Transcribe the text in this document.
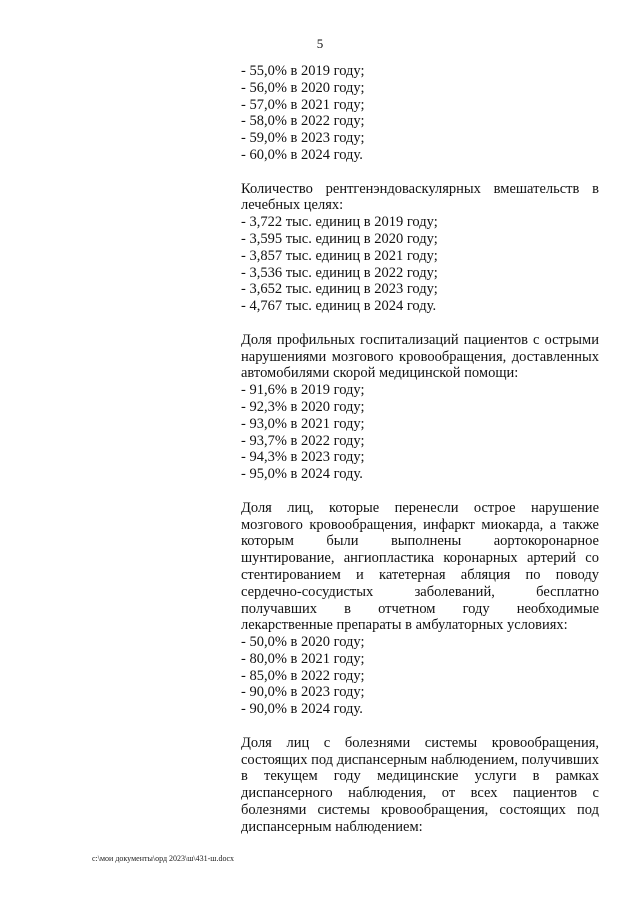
5
- 55,0% в 2019 году;
- 56,0% в 2020 году;
- 57,0% в 2021 году;
- 58,0% в 2022 году;
- 59,0% в 2023 году;
- 60,0% в 2024 году.
Количество рентгенэндоваскулярных вмешательств в лечебных целях:
- 3,722 тыс. единиц в 2019 году;
- 3,595 тыс. единиц в 2020 году;
- 3,857 тыс. единиц в 2021 году;
- 3,536 тыс. единиц в 2022 году;
- 3,652 тыс. единиц в 2023 году;
- 4,767 тыс. единиц в 2024 году.
Доля профильных госпитализаций пациентов с острыми нарушениями мозгового кровообращения, доставленных автомобилями скорой медицинской помощи:
- 91,6% в 2019 году;
- 92,3% в 2020 году;
- 93,0% в 2021 году;
- 93,7% в 2022 году;
- 94,3% в 2023 году;
- 95,0% в 2024 году.
Доля лиц, которые перенесли острое нарушение мозгового кровообращения, инфаркт миокарда, а также которым были выполнены аортокоронарное шунтирование, ангиопластика коронарных артерий со стентированием и катетерная абляция по поводу сердечно-сосудистых заболеваний, бесплатно получавших в отчетном году необходимые лекарственные препараты в амбулаторных условиях:
- 50,0% в 2020 году;
- 80,0% в 2021 году;
- 85,0% в 2022 году;
- 90,0% в 2023 году;
- 90,0% в 2024 году.
Доля лиц с болезнями системы кровообращения, состоящих под диспансерным наблюдением, получивших в текущем году медицинские услуги в рамках диспансерного наблюдения, от всех пациентов с болезнями системы кровообращения, состоящих под диспансерным наблюдением:
c:\мои документы\орд 2023\ш\431-ш.docx
